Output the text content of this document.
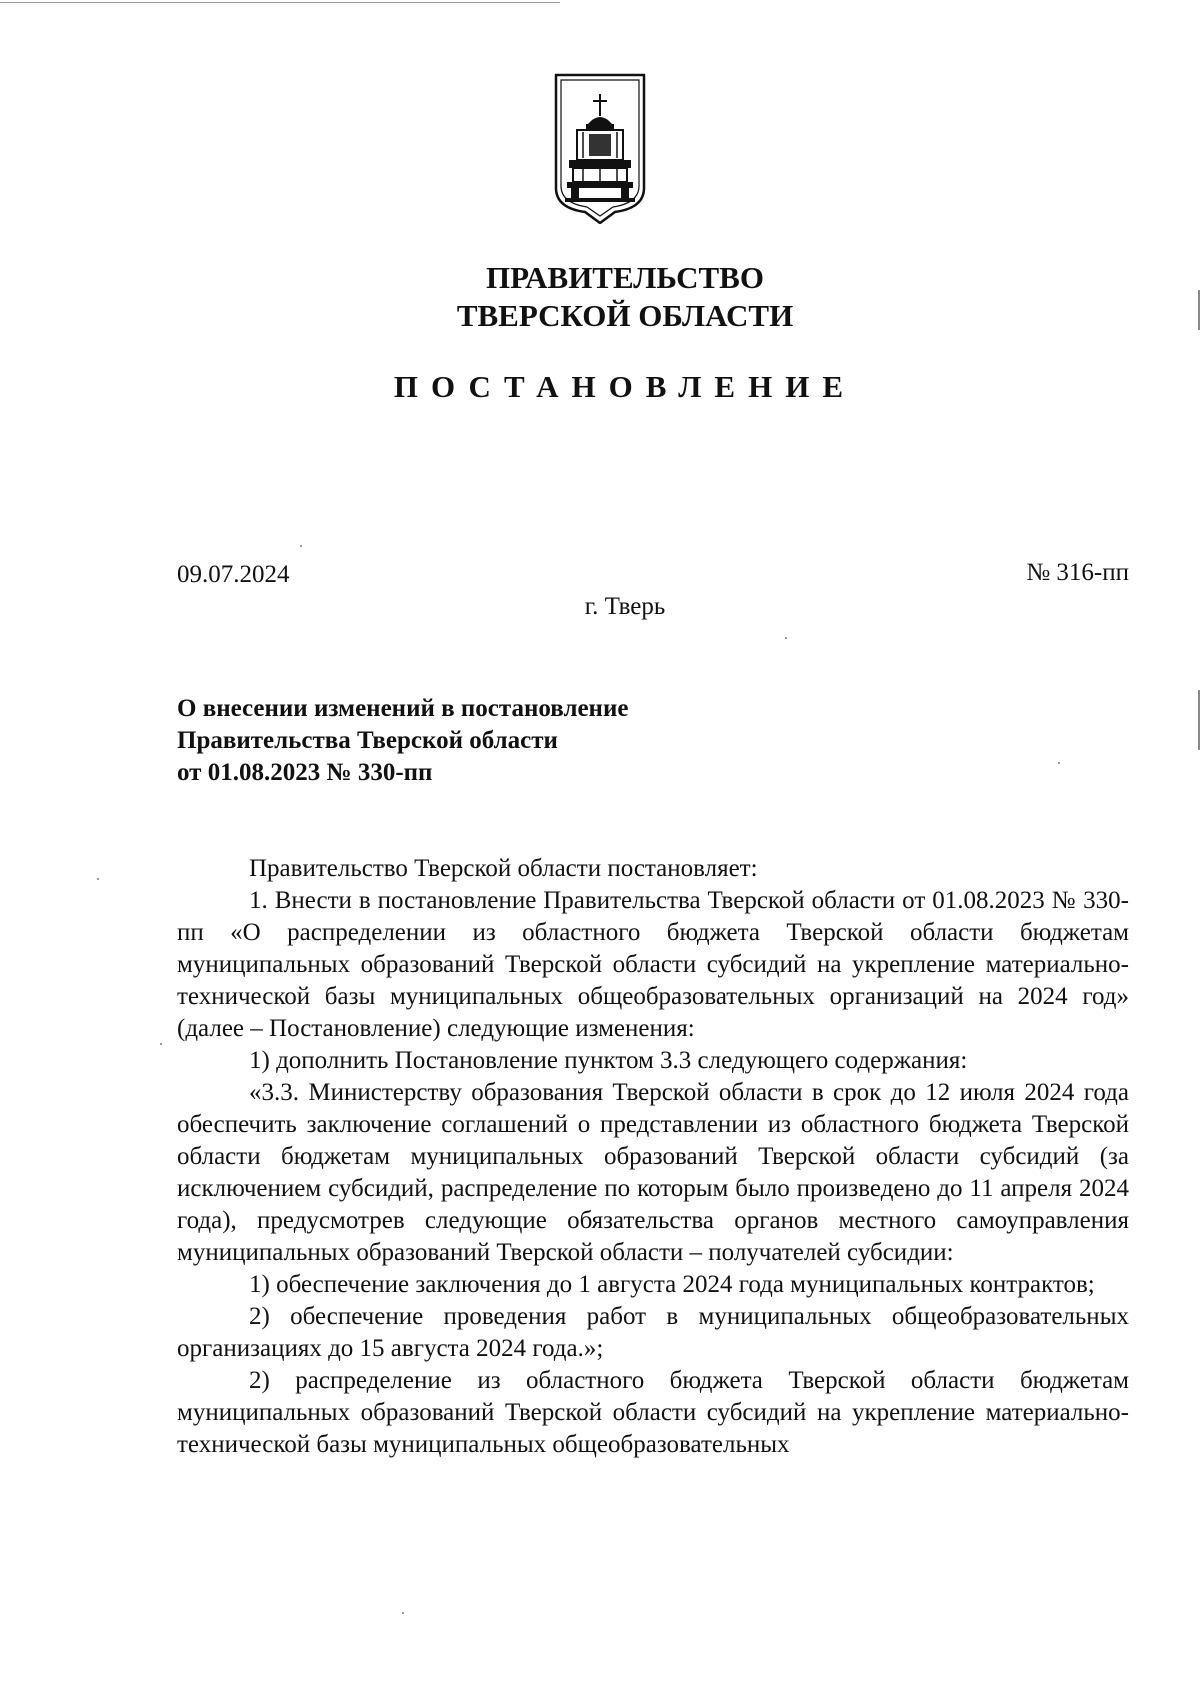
ПРАВИТЕЛЬСТВО
ТВЕРСКОЙ ОБЛАСТИ
ПОСТАНОВЛЕНИЕ
09.07.2024	№ 316-пп
г. Тверь
О внесении изменений в постановление
Правительства Тверской области
от 01.08.2023 № 330-пп

Правительство Тверской области постановляет:

1. Внести в постановление Правительства Тверской области от 01.08.2023 № 330-пп «О распределении из областного бюджета Тверской области бюджетам муниципальных образований Тверской области субсидий на укрепление материально-технической базы муниципальных общеобразовательных организаций на 2024 год» (далее – Постановление) следующие изменения:

1) дополнить Постановление пунктом 3.3 следующего содержания:

«3.3. Министерству образования Тверской области в срок до 12 июля 2024 года обеспечить заключение соглашений о представлении из областного бюджета Тверской области бюджетам муниципальных образований Тверской области субсидий (за исключением субсидий, распределение по которым было произведено до 11 апреля 2024 года), предусмотрев следующие обязательства органов местного самоуправления муниципальных образований Тверской области – получателей субсидии:

1) обеспечение заключения до 1 августа 2024 года муниципальных контрактов;

2) обеспечение проведения работ в муниципальных общеобразовательных организациях до 15 августа 2024 года.»;

2) распределение из областного бюджета Тверской области бюджетам муниципальных образований Тверской области субсидий на укрепление материально-технической базы муниципальных общеобразовательных
